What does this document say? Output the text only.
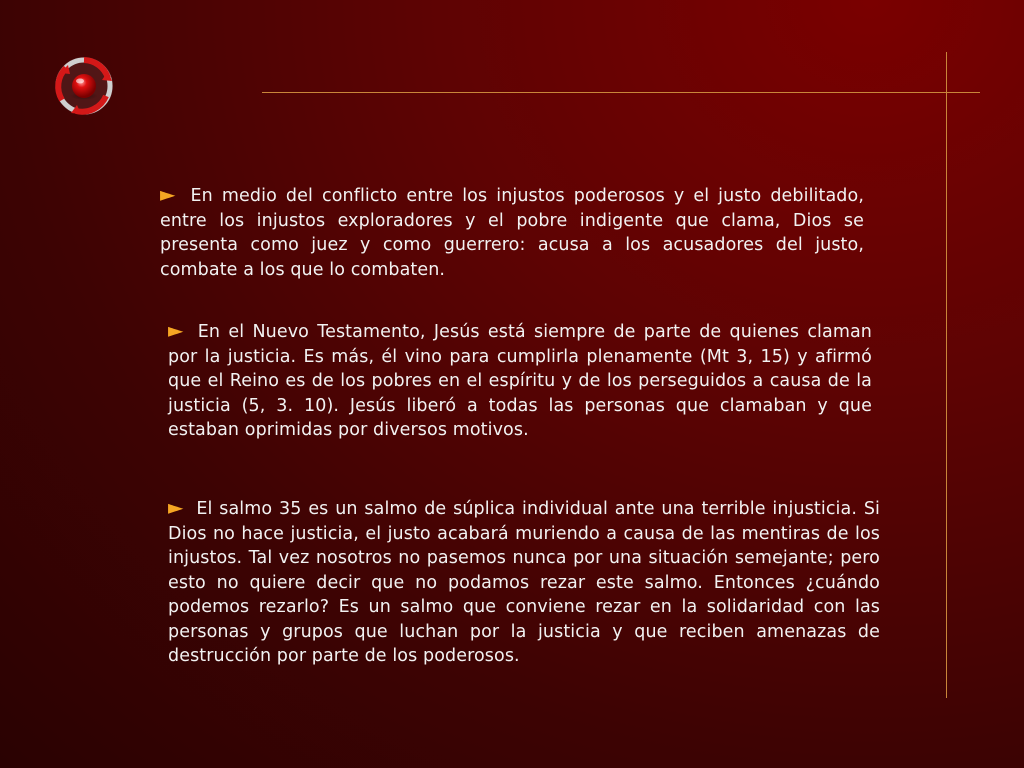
► En medio del conflicto entre los injustos poderosos y el justo debilitado, entre los injustos exploradores y el pobre indigente que clama, Dios se presenta como juez y como guerrero: acusa a los acusadores del justo, combate a los que lo combaten.
► En el Nuevo Testamento, Jesús está siempre de parte de quienes claman por la justicia. Es más, él vino para cumplirla plenamente (Mt 3, 15) y afirmó que el Reino es de los pobres en el espíritu y de los perseguidos a causa de la justicia (5, 3. 10). Jesús liberó a todas las personas que clamaban y que estaban oprimidas por diversos motivos.
► El salmo 35 es un salmo de súplica individual ante una terrible injusticia. Si Dios no hace justicia, el justo acabará muriendo a causa de las mentiras de los injustos. Tal vez nosotros no pasemos nunca por una situación semejante; pero esto no quiere decir que no podamos rezar este salmo. Entonces ¿cuándo podemos rezarlo? Es un salmo que conviene rezar en la solidaridad con las personas y grupos que luchan por la justicia y que reciben amenazas de destrucción por parte de los poderosos.
